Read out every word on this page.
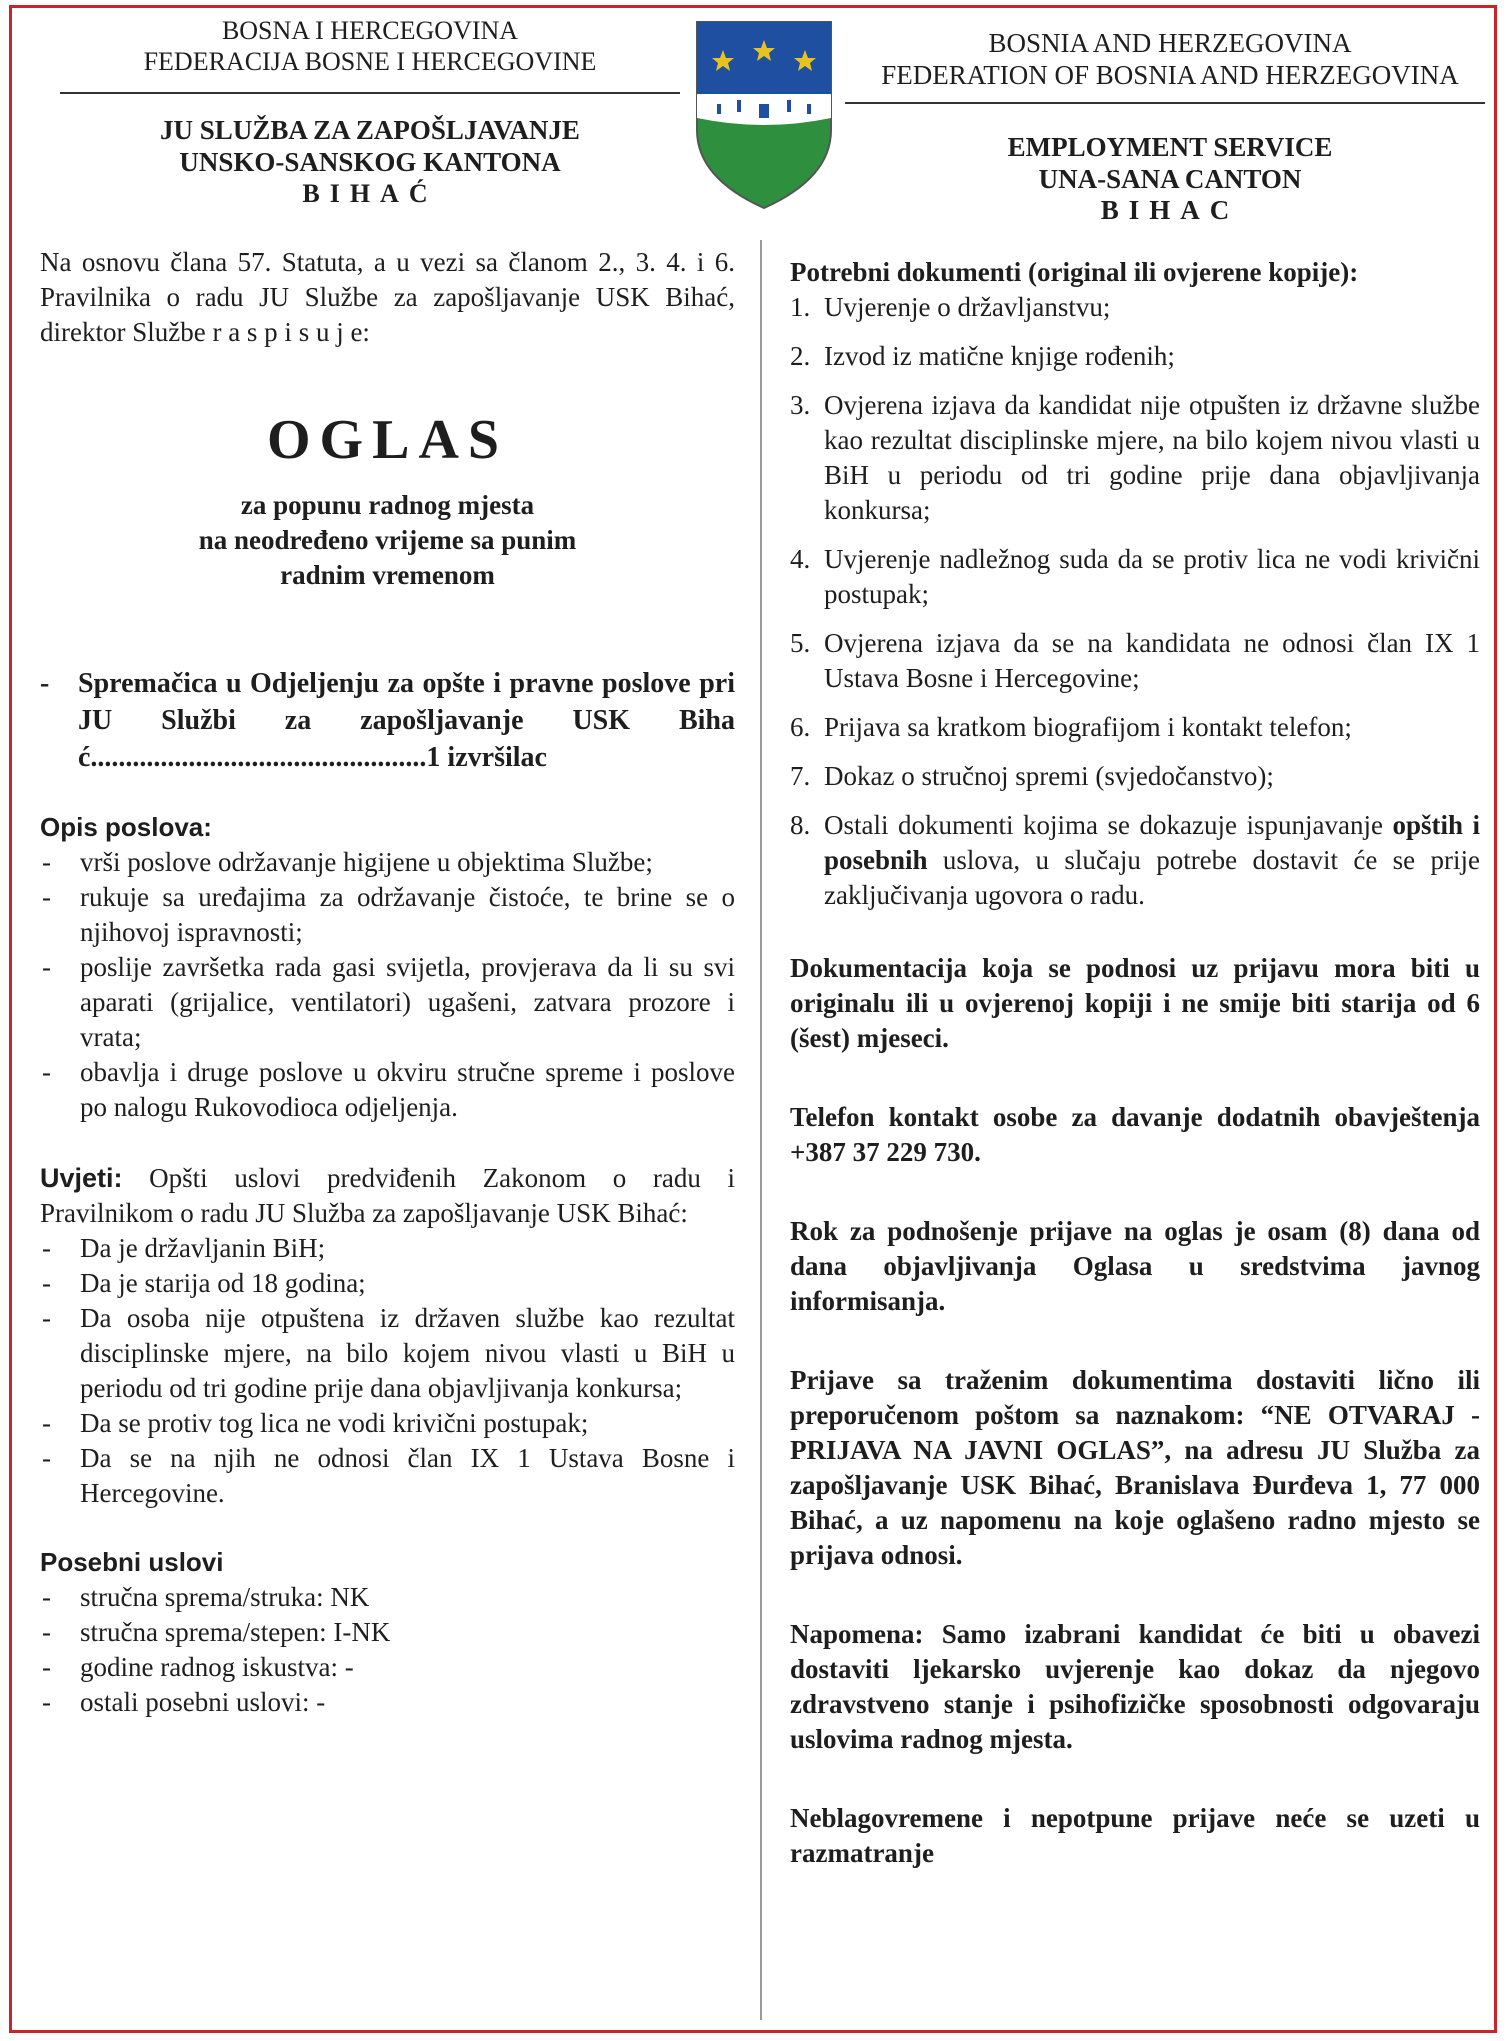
BOSNA I HERCEGOVINA
FEDERACIJA BOSNE I HERCEGOVINE
JU SLUŽBA ZA ZAPOŠLJAVANJE
UNSKO-SANSKOG KANTONA
BIHAĆ
BOSNIA AND HERZEGOVINA
FEDERATION OF BOSNIA AND HERZEGOVINA
EMPLOYMENT SERVICE
UNA-SANA CANTON
BIHAC

Na osnovu člana 57. Statuta, a u vezi sa članom 2., 3. 4. i 6. Pravilnika o radu JU Službe za zapošljavanje USK Bihać, direktor Službe r a s p i s u j e:

OGLAS
za popunu radnog mjesta
na neodređeno vrijeme sa punim
radnim vremenom
-	Spremačica u Odjeljenju za opšte i pravne poslove pri JU Službi za zapošljavanje USK Bihać................................................1 izvršilac
Opis poslova:
- vrši poslove održavanje higijene u objektima Službe;
- rukuje sa uređajima za održavanje čistoće, te brine se o njihovoj ispravnosti;
- poslije završetka rada gasi svijetla, provjerava da li su svi aparati (grijalice, ventilatori) ugašeni, zatvara prozore i vrata;
- obavlja i druge poslove u okviru stručne spreme i poslove po nalogu Rukovodioca odjeljenja.

Uvjeti: Opšti uslovi predviđenih Zakonom o radu i Pravilnikom o radu JU Služba za zapošljavanje USK Bihać:

- Da je državljanin BiH;
- Da je starija od 18 godina;
- Da osoba nije otpuštena iz državen službe kao rezultat disciplinske mjere, na bilo kojem nivou vlasti u BiH u periodu od tri godine prije dana objavljivanja konkursa;
- Da se protiv tog lica ne vodi krivični postupak;
- Da se na njih ne odnosi član IX 1 Ustava Bosne i Hercegovine.
Posebni uslovi
- stručna sprema/struka: NK
- stručna sprema/stepen: I-NK
- godine radnog iskustva: -
- ostali posebni uslovi: -
Potrebni dokumenti (original ili ovjerene kopije):
1. Uvjerenje o državljanstvu;
2. Izvod iz matične knjige rođenih;
3. Ovjerena izjava da kandidat nije otpušten iz državne službe kao rezultat disciplinske mjere, na bilo kojem nivou vlasti u BiH u periodu od tri godine prije dana objavljivanja konkursa;
4. Uvjerenje nadležnog suda da se protiv lica ne vodi krivični postupak;
5. Ovjerena izjava da se na kandidata ne odnosi član IX 1 Ustava Bosne i Hercegovine;
6. Prijava sa kratkom biografijom i kontakt telefon;
7. Dokaz o stručnoj spremi (svjedočanstvo);
8. Ostali dokumenti kojima se dokazuje ispunjavanje opštih i posebnih uslova, u slučaju potrebe dostavit će se prije zaključivanja ugovora o radu.

Dokumentacija koja se podnosi uz prijavu mora biti u originalu ili u ovjerenoj kopiji i ne smije biti starija od 6 (šest) mjeseci.

Telefon kontakt osobe za davanje dodatnih obavještenja +387 37 229 730.

Rok za podnošenje prijave na oglas je osam (8) dana od dana objavljivanja Oglasa u sredstvima javnog informisanja.

Prijave sa traženim dokumentima dostaviti lično ili preporučenom poštom sa naznakom: “NE OTVARAJ - PRIJAVA NA JAVNI OGLAS”, na adresu JU Služba za zapošljavanje USK Bihać, Branislava Đurđeva 1, 77 000 Bihać, a uz napomenu na koje oglašeno radno mjesto se prijava odnosi.

Napomena: Samo izabrani kandidat će biti u obavezi dostaviti ljekarsko uvjerenje kao dokaz da njegovo zdravstveno stanje i psihofizičke sposobnosti odgovaraju uslovima radnog mjesta.

Neblagovremene i nepotpune prijave neće se uzeti u razmatranje
